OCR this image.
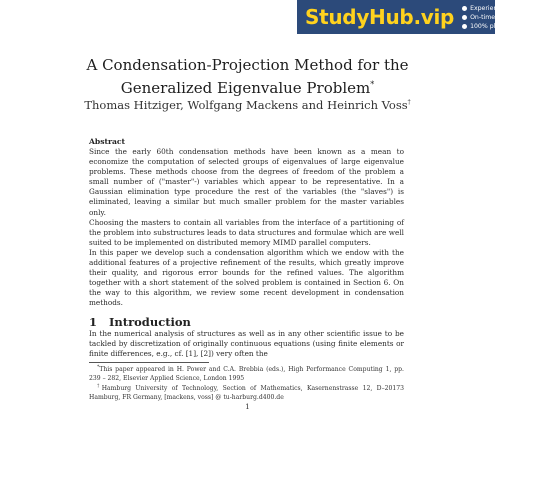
StudyHub.vip	Experienced writers
On-time delivery
100% plagiarism free
A Condensation-Projection Method for the
Generalized Eigenvalue Problem*
Thomas Hitziger, Wolfgang Mackens and Heinrich Voss†
Abstract

Since the early 60th condensation methods have been known as a mean to economize the computation of selected groups of eigenvalues of large eigenvalue problems. These methods choose from the degrees of freedom of the problem a small number of ("master"-) variables which appear to be representative. In a Gaussian elimination type procedure the rest of the variables (the "slaves") is eliminated, leaving a similar but much smaller problem for the master variables only.

Choosing the masters to contain all variables from the interface of a partitioning of the problem into substructures leads to data structures and formulae which are well suited to be implemented on distributed memory MIMD parallel computers.

In this paper we develop such a condensation algorithm which we endow with the additional features of a projective refinement of the results, which greatly improve their quality, and rigorous error bounds for the refined values. The algorithm together with a short statement of the solved problem is contained in Section 6. On the way to this algorithm, we review some recent development in condensation methods.

1 Introduction
In the numerical analysis of structures as well as in any other scientific issue to be tackled by discretization of originally continuous equations (using finite elements or finite differences, e.g., cf. [1], [2]) very often the

*This paper appeared in H. Power and C.A. Brebbia (eds.), High Performance Computing 1, pp. 239 – 282, Elsevier Applied Science, London 1995

†Hamburg University of Technology, Section of Mathematics, Kasernenstrasse 12, D–20173 Hamburg, FR Germany, [mackens, voss] @ tu-harburg.d400.de

1
